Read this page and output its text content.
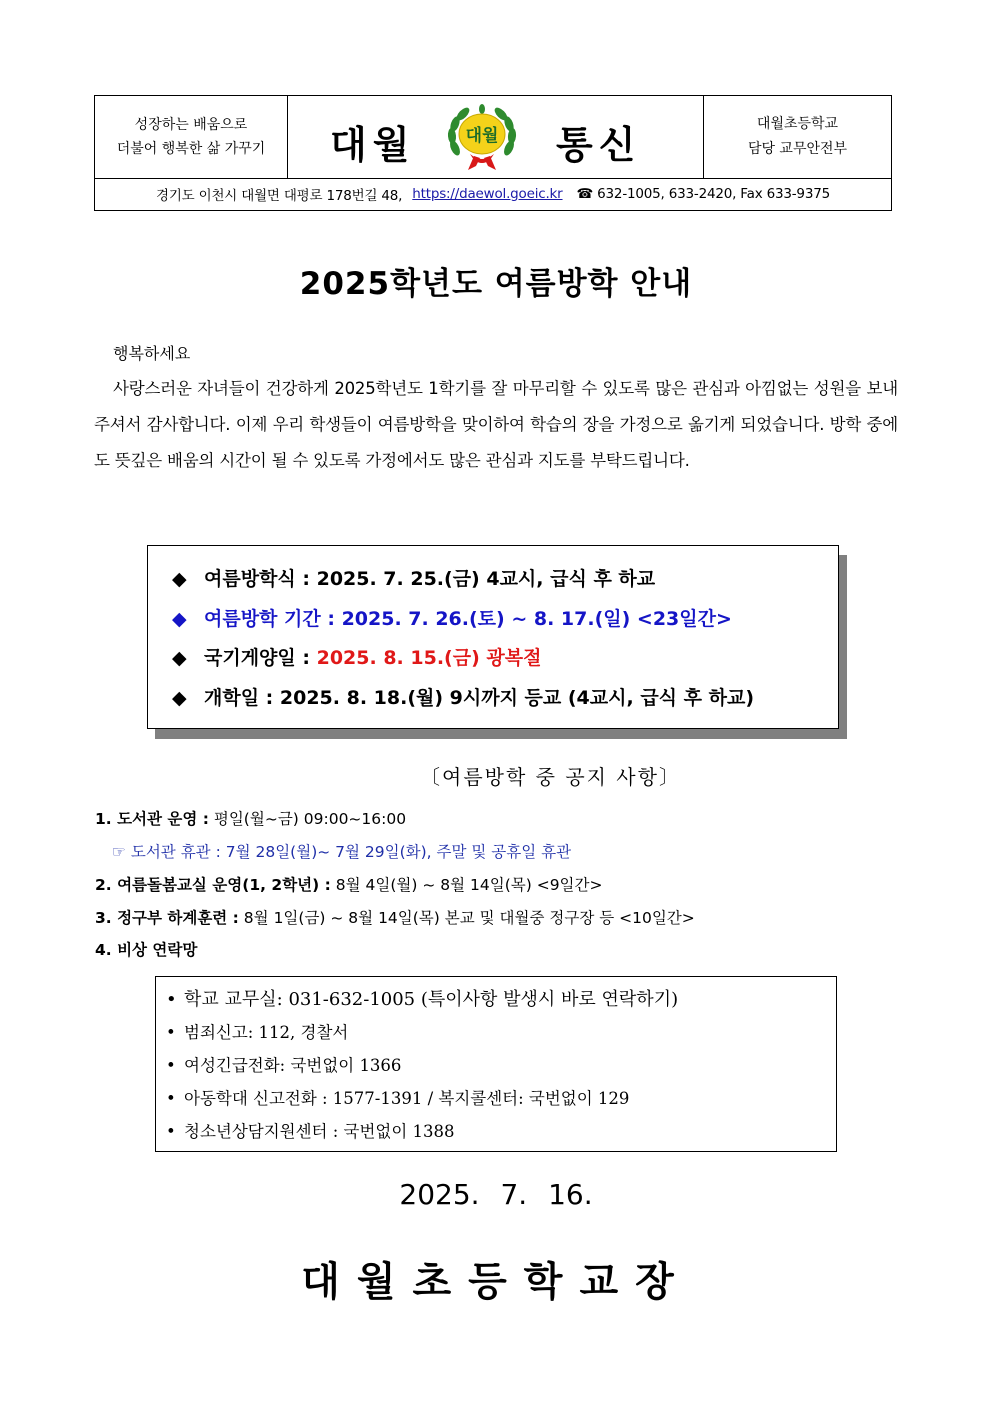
성장하는 배움으로
더불어 행복한 삶 가꾸기 대월	대월 통신	대월초등학교
담당 교무안전부
경기도 이천시 대월면 대평로 178번길 48, https://daewol.goeic.kr ☎ 632-1005, 633-2420, Fax 633-9375
2025학년도 여름방학 안내
행복하세요
사랑스러운 자녀들이 건강하게 2025학년도 1학기를 잘 마무리할 수 있도록 많은 관심과 아낌없는 성원을 보내주셔서 감사합니다. 이제 우리 학생들이 여름방학을 맞이하여 학습의 장을 가정으로 옮기게 되었습니다. 방학 중에도 뜻깊은 배움의 시간이 될 수 있도록 가정에서도 많은 관심과 지도를 부탁드립니다.
◆ 여름방학식 : 2025. 7. 25.(금) 4교시, 급식 후 하교
◆ 여름방학 기간 : 2025. 7. 26.(토) ~ 8. 17.(일) <23일간>
◆ 국기게양일 : 2025. 8. 15.(금) 광복절
◆ 개학일 : 2025. 8. 18.(월) 9시까지 등교 (4교시, 급식 후 하교)
〔여름방학 중 공지 사항〕
1. 도서관 운영 : 평일(월~금) 09:00~16:00
☞ 도서관 휴관 : 7월 28일(월)~ 7월 29일(화), 주말 및 공휴일 휴관
2. 여름돌봄교실 운영(1, 2학년) : 8월 4일(월) ~ 8월 14일(목) <9일간>
3. 정구부 하계훈련 : 8월 1일(금) ~ 8월 14일(목) 본교 및 대월중 정구장 등 <10일간>
4. 비상 연락망
• 학교 교무실: 031-632-1005 (특이사항 발생시 바로 연락하기)
• 범죄신고: 112, 경찰서
• 여성긴급전화: 국번없이 1366
• 아동학대 신고전화 : 1577-1391 / 복지콜센터: 국번없이 129
• 청소년상담지원센터 : 국번없이 1388
2025. 7. 16.
대월초등학교장
